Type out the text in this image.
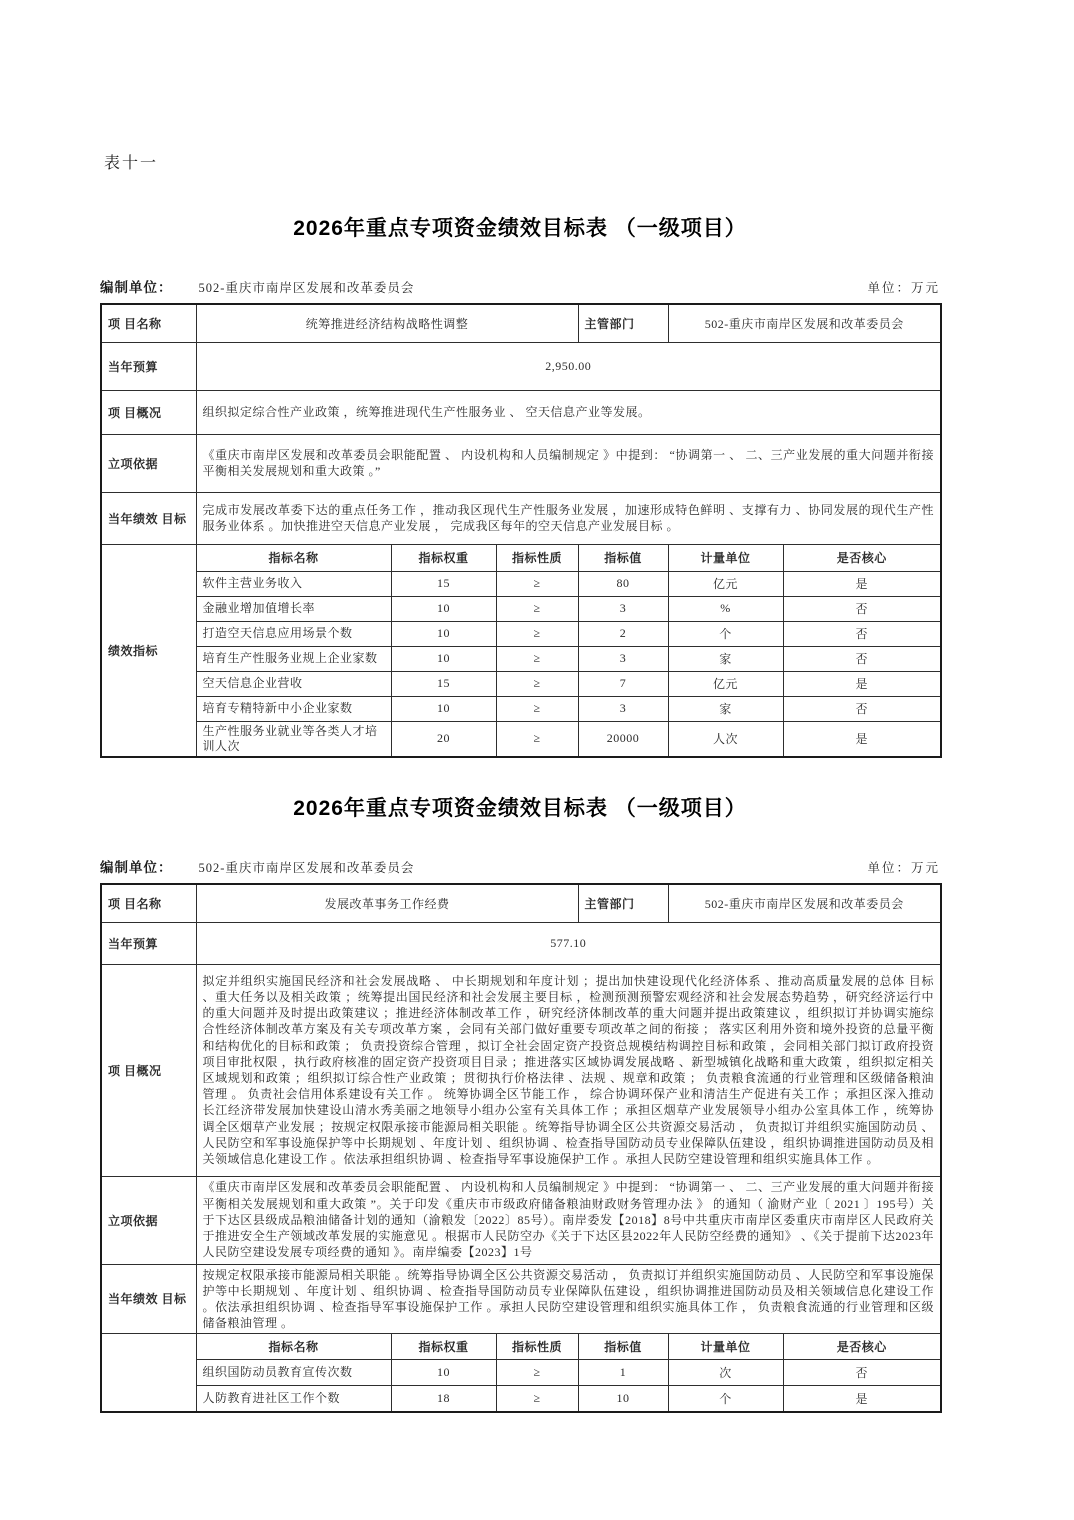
表十一
2026年重点专项资金绩效目标表 （一级项目）
编制单位： 502-重庆市南岸区发展和改革委员会	单位：万元
项 目名称	统筹推进经济结构战略性调整			主管部门	502-重庆市南岸区发展和改革委员会	
当年预算	2,950.00					
项 目概况	组织拟定综合性产业政策 ，统筹推进现代生产性服务业 、 空天信息产业等发展。					
立项依据	《重庆市南岸区发展和改革委员会职能配置 、 内设机构和人员编制规定 》中提到： “协调第一 、 二、三产业发展的重大问题并衔接平衡相关发展规划和重大政策 。”					
当年绩效 目标	完成市发展改革委下达的重点任务工作 ，推动我区现代生产性服务业发展 ，加速形成特色鲜明 、支撑有力 、协同发展的现代生产性服务业体系 。加快推进空天信息产业发展 ， 完成我区每年的空天信息产业发展目标 。					
绩效指标	指标名称	指标权重	指标性质	指标值	计量单位	是否核心
	软件主营业务收入	15	≥	80	亿元	是
	金融业增加值增长率	10	≥	3	%	否
	打造空天信息应用场景个数	10	≥	2	个	否
	培育生产性服务业规上企业家数	10	≥	3	家	否
	空天信息企业营收	15	≥	7	亿元	是
	培育专精特新中小企业家数	10	≥	3	家	否
	生产性服务业就业等各类人才培训人次	20	≥	20000	人次	是
2026年重点专项资金绩效目标表 （一级项目）
编制单位： 502-重庆市南岸区发展和改革委员会	单位：万元
项 目名称	发展改革事务工作经费			主管部门	502-重庆市南岸区发展和改革委员会	
当年预算	577.10					
项 目概况	拟定并组织实施国民经济和社会发展战略 、 中长期规划和年度计划 ；提出加快建设现代化经济体系 、推动高质量发展的总体 目标 、重大任务以及相关政策 ；统筹提出国民经济和社会发展主要目标 ，检测预测预警宏观经济和社会发展态势趋势 ，研究经济运行中的重大问题并及时提出政策建议 ；推进经济体制改革工作 ，研究经济体制改革的重大问题并提出政策建议 ，组织拟订并协调实施综合性经济体制改革方案及有关专项改革方案 ，会同有关部门做好重要专项改革之间的衔接 ； 落实区利用外资和境外投资的总量平衡和结构优化的目标和政策 ； 负责投资综合管理 ，拟订全社会固定资产投资总规模结构调控目标和政策 ，会同相关部门拟订政府投资项目审批权限 ，执行政府核准的固定资产投资项目目录 ；推进落实区域协调发展战略 、新型城镇化战略和重大政策 ，组织拟定相关区域规划和政策 ；组织拟订综合性产业政策 ；贯彻执行价格法律 、法规 、规章和政策 ； 负责粮食流通的行业管理和区级储备粮油管理 。 负责社会信用体系建设有关工作 。 统筹协调全区节能工作 ， 综合协调环保产业和清洁生产促进有关工作 ；承担区深入推动长江经济带发展加快建设山清水秀美丽之地领导小组办公室有关具体工作 ；承担区烟草产业发展领导小组办公室具体工作 ，统筹协调全区烟草产业发展 ；按规定权限承接市能源局相关职能 。统筹指导协调全区公共资源交易活动 ， 负责拟订并组织实施国防动员 、人民防空和军事设施保护等中长期规划 、年度计划 、组织协调 、检查指导国防动员专业保障队伍建设 ，组织协调推进国防动员及相关领域信息化建设工作 。依法承担组织协调 、检查指导军事设施保护工作 。承担人民防空建设管理和组织实施具体工作 。					
立项依据	《重庆市南岸区发展和改革委员会职能配置 、 内设机构和人员编制规定 》中提到： “协调第一 、 二、三产业发展的重大问题并衔接平衡相关发展规划和重大政策 ”。关于印发《重庆市市级政府储备粮油财政财务管理办法 》 的通知（ 渝财产业〔 2021 〕195号）关于下达区县级成品粮油储备计划的通知（渝粮发〔2022〕85号）。南岸委发【2018】8号中共重庆市南岸区委重庆市南岸区人民政府关于推进安全生产领域改革发展的实施意见 。根据市人民防空办《关于下达区县2022年人民防空经费的通知》 、《关于提前下达2023年人民防空建设发展专项经费的通知 》。南岸编委【2023】1号					
当年绩效 目标	按规定权限承接市能源局相关职能 。统筹指导协调全区公共资源交易活动 ， 负责拟订并组织实施国防动员 、人民防空和军事设施保护等中长期规划 、年度计划 、组织协调 、检查指导国防动员专业保障队伍建设 ，组织协调推进国防动员及相关领域信息化建设工作 。依法承担组织协调 、检查指导军事设施保护工作 。承担人民防空建设管理和组织实施具体工作 ， 负责粮食流通的行业管理和区级储备粮油管理 。					
	指标名称	指标权重	指标性质	指标值	计量单位	是否核心
	组织国防动员教育宣传次数	10	≥	1	次	否
	人防教育进社区工作个数	18	≥	10	个	是
